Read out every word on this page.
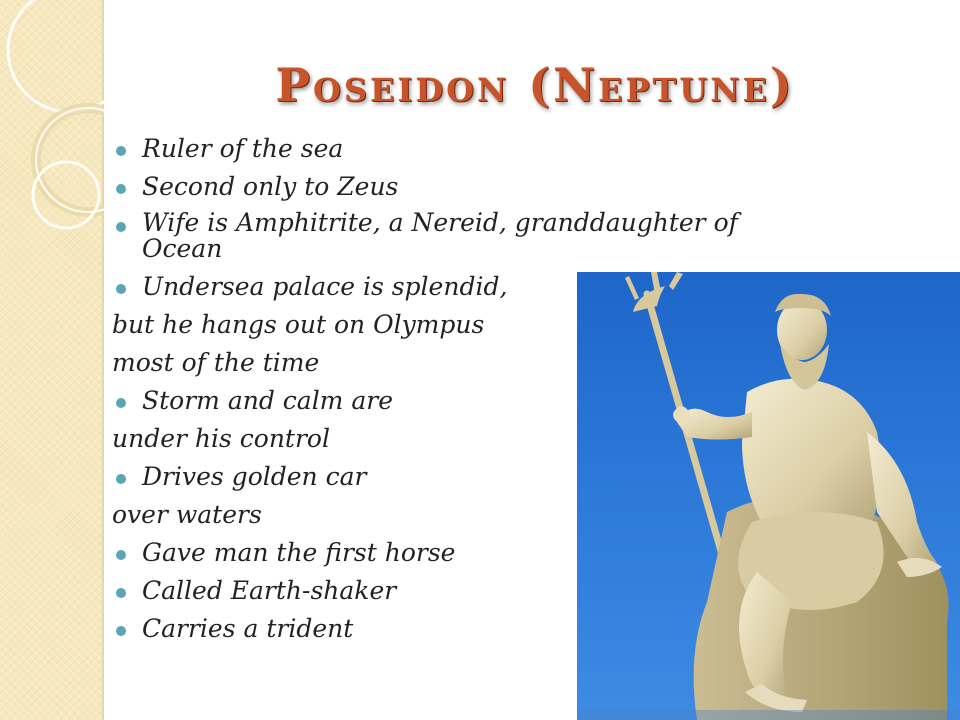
Poseidon (Neptune)
Ruler of the sea
Second only to Zeus
Wife is Amphitrite, a Nereid, granddaughter of Ocean
Undersea palace is splendid,
but he hangs out on Olympus
most of the time
Storm and calm are
under his control
Drives golden car
over waters
Gave man the first horse
Called Earth-shaker
Carries a trident
